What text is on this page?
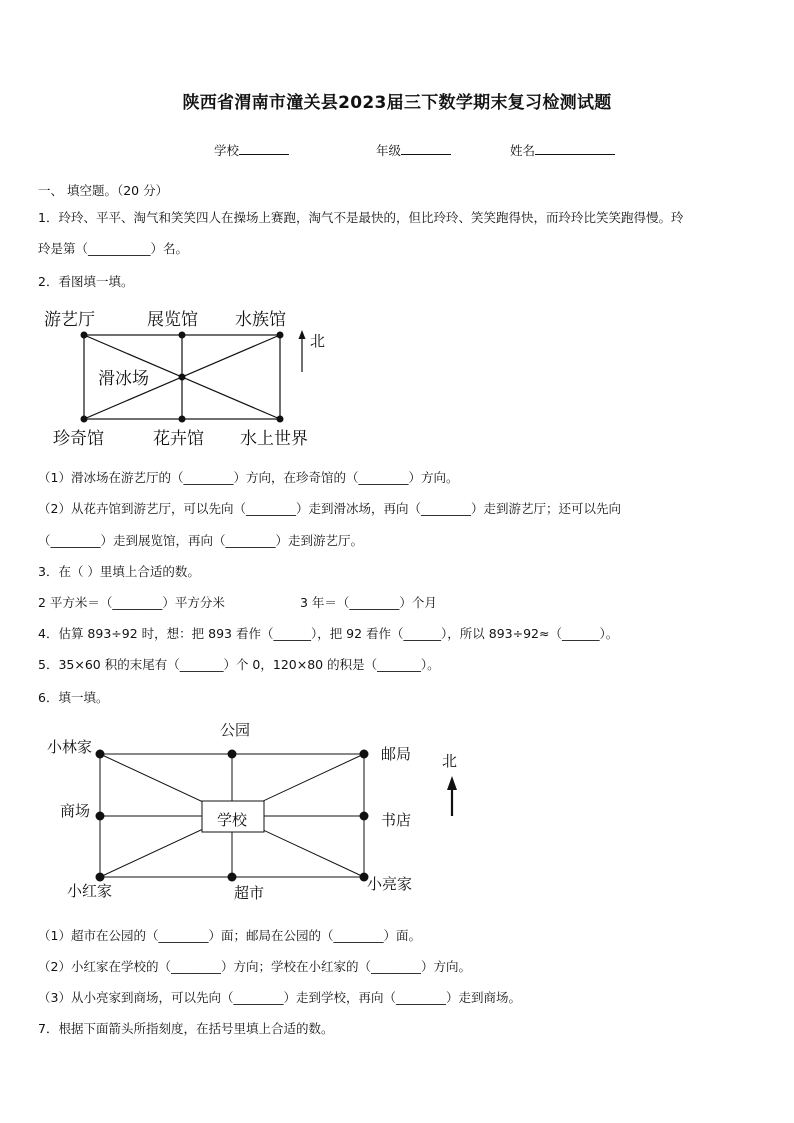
陕西省渭南市潼关县2023届三下数学期末复习检测试题
学校	年级	姓名
一、 填空题。（20 分）
1．玲玲、平平、淘气和笑笑四人在操场上赛跑，淘气不是最快的，但比玲玲、笑笑跑得快，而玲玲比笑笑跑得慢。玲
玲是第（__________）名。
2．看图填一填。
游艺厅	展览馆 水族馆
滑冰场
珍奇馆	花卉馆 水上世界
北
（1）滑冰场在游艺厅的（________）方向，在珍奇馆的（________）方向。
（2）从花卉馆到游艺厅，可以先向（________）走到滑冰场，再向（________）走到游艺厅；还可以先向
（________）走到展览馆，再向（________）走到游艺厅。
3．在（ ）里填上合适的数。
2 平方米＝（________）平方分米	3 年＝（________）个月
4．估算 893÷92 时，想：把 893 看作（______），把 92 看作（______），所以 893÷92≈（______）。
5．35×60 积的末尾有（_______）个 0，120×80 的积是（_______）。
6．填一填。
公园
小林家	邮局
商场	学校	书店
小红家	超市	小亮家
北
（1）超市在公园的（________）面；邮局在公园的（________）面。
（2）小红家在学校的（________）方向；学校在小红家的（________）方向。
（3）从小亮家到商场，可以先向（________）走到学校，再向（________）走到商场。
7．根据下面箭头所指刻度，在括号里填上合适的数。
